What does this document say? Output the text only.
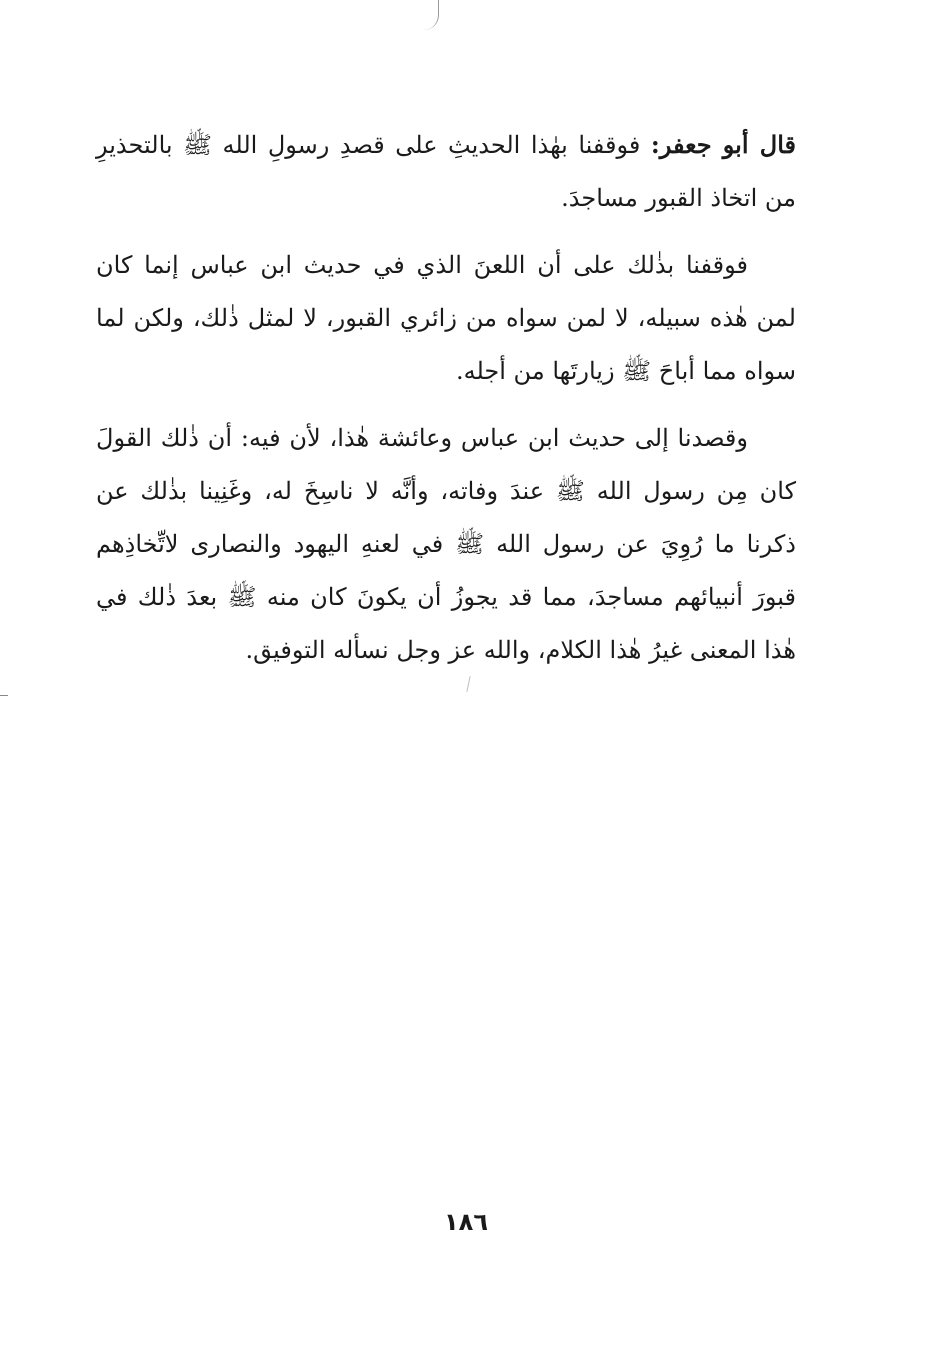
قال أبو جعفر: فوقفنا بهٰذا الحديثِ على قصدِ رسولِ الله ﷺ بالتحذيرِ من اتخاذ القبور مساجدَ.

فوقفنا بذٰلك على أن اللعنَ الذي في حديث ابن عباس إنما كان لمن هٰذه سبيله، لا لمن سواه من زائري القبور، لا لمثل ذٰلك، ولكن لما سواه مما أباحَ ﷺ زيارتَها من أجله.

وقصدنا إلى حديث ابن عباس وعائشة هٰذا، لأن فيه: أن ذٰلك القولَ كان مِن رسول الله ﷺ عندَ وفاته، وأنَّه لا ناسِخَ له، وغَنِينا بذٰلك عن ذكرنا ما رُوِيَ عن رسول الله ﷺ في لعنهِ اليهود والنصارى لاتِّخاذِهم قبورَ أنبيائهم مساجدَ، مما قد يجوزُ أن يكونَ كان منه ﷺ بعدَ ذٰلك في هٰذا المعنى غيرُ هٰذا الكلام، والله عز وجل نسأله التوفيق.

١٨٦
